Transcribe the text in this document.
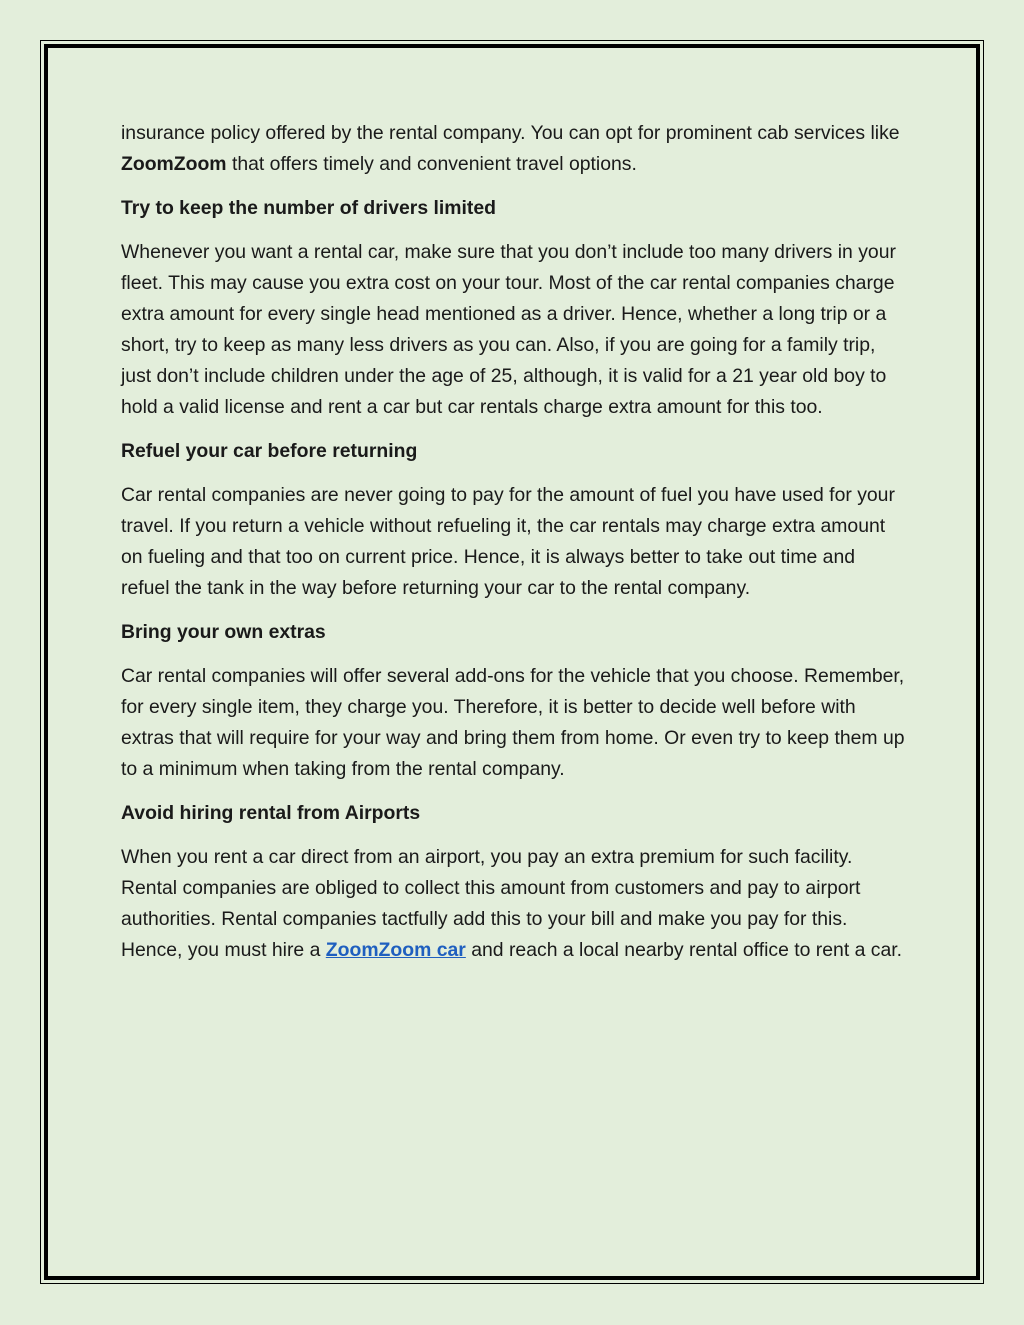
insurance policy offered by the rental company. You can opt for prominent cab services like ZoomZoom that offers timely and convenient travel options.

Try to keep the number of drivers limited

Whenever you want a rental car, make sure that you don’t include too many drivers in your fleet. This may cause you extra cost on your tour. Most of the car rental companies charge extra amount for every single head mentioned as a driver. Hence, whether a long trip or a short, try to keep as many less drivers as you can. Also, if you are going for a family trip, just don’t include children under the age of 25, although, it is valid for a 21 year old boy to hold a valid license and rent a car but car rentals charge extra amount for this too.

Refuel your car before returning

Car rental companies are never going to pay for the amount of fuel you have used for your travel. If you return a vehicle without refueling it, the car rentals may charge extra amount on fueling and that too on current price. Hence, it is always better to take out time and refuel the tank in the way before returning your car to the rental company.

Bring your own extras

Car rental companies will offer several add-ons for the vehicle that you choose. Remember, for every single item, they charge you. Therefore, it is better to decide well before with extras that will require for your way and bring them from home. Or even try to keep them up to a minimum when taking from the rental company.

Avoid hiring rental from Airports

When you rent a car direct from an airport, you pay an extra premium for such facility. Rental companies are obliged to collect this amount from customers and pay to airport authorities. Rental companies tactfully add this to your bill and make you pay for this. Hence, you must hire a ZoomZoom car and reach a local nearby rental office to rent a car.
